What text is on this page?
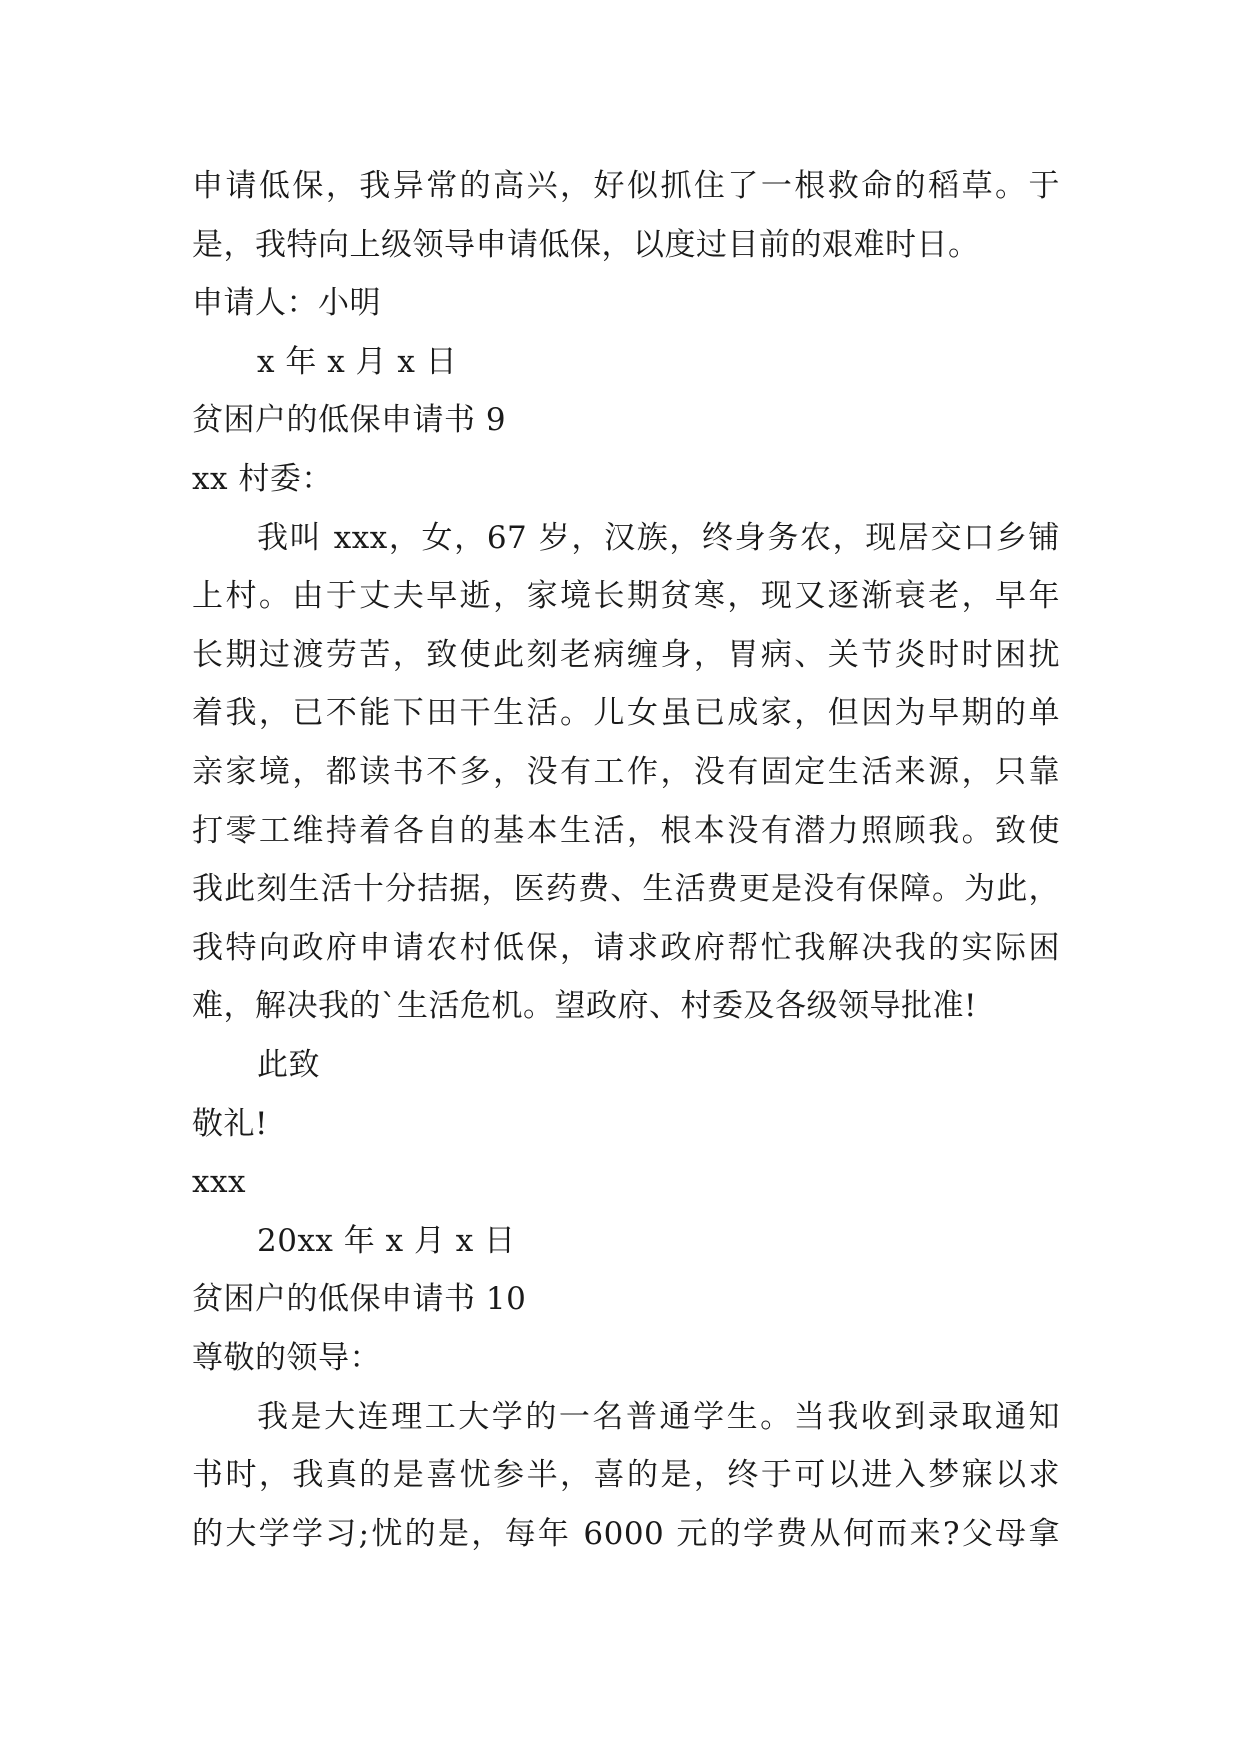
申请低保，我异常的高兴，好似抓住了一根救命的稻草。于
是，我特向上级领导申请低保，以度过目前的艰难时日。
申请人：小明
x 年 x 月 x 日
贫困户的低保申请书 9
xx 村委：
我叫 xxx，女，67 岁，汉族，终身务农，现居交口乡铺
上村。由于丈夫早逝，家境长期贫寒，现又逐渐衰老，早年
长期过渡劳苦，致使此刻老病缠身，胃病、关节炎时时困扰
着我，已不能下田干生活。儿女虽已成家，但因为早期的单
亲家境，都读书不多，没有工作，没有固定生活来源，只靠
打零工维持着各自的基本生活，根本没有潜力照顾我。致使
我此刻生活十分拮据，医药费、生活费更是没有保障。为此，
我特向政府申请农村低保，请求政府帮忙我解决我的实际困
难，解决我的`生活危机。望政府、村委及各级领导批准!
此致
敬礼!
xxx
20xx 年 x 月 x 日
贫困户的低保申请书 10
尊敬的领导：
我是大连理工大学的一名普通学生。当我收到录取通知
书时，我真的是喜忧参半，喜的是，终于可以进入梦寐以求
的大学学习;忧的是，每年 6000 元的学费从何而来?父母拿
